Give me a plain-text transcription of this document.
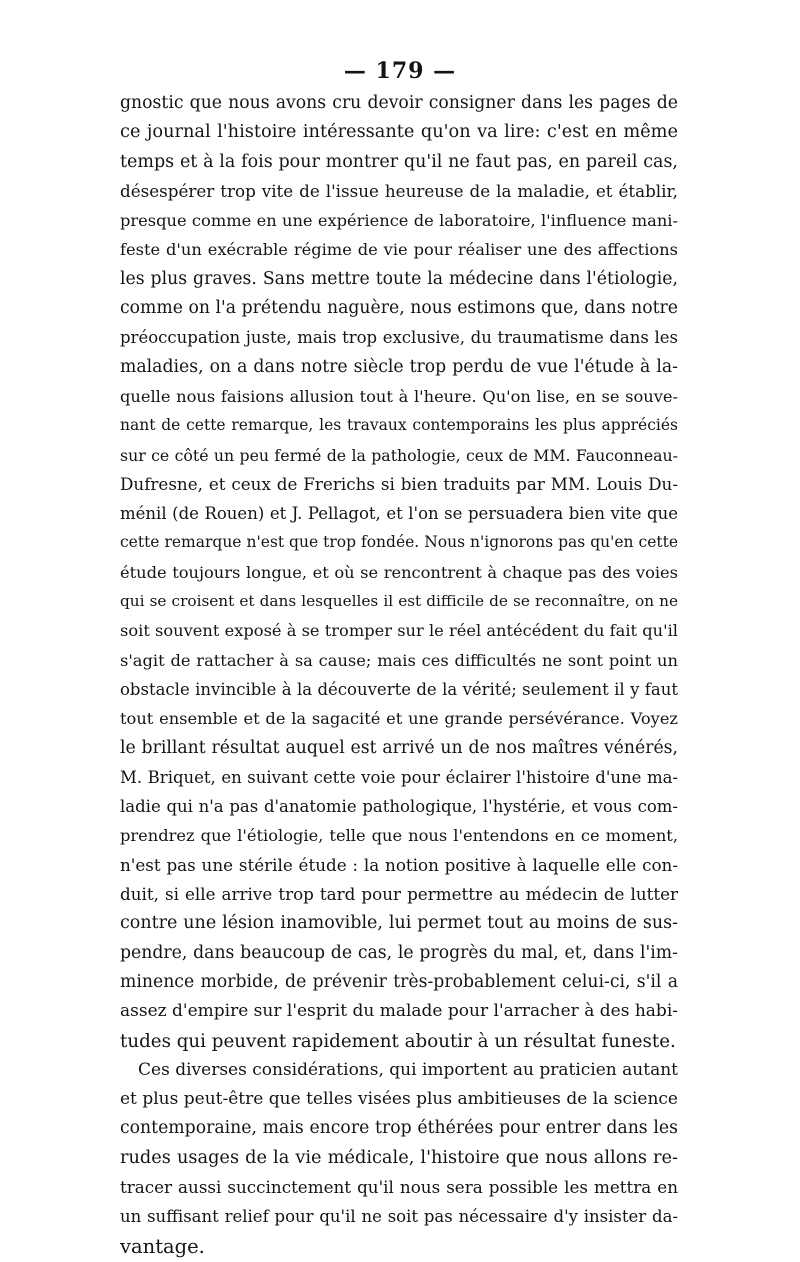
— 179 —
gnostic que nous avons cru devoir consigner dans les pages de
ce journal l'histoire intéressante qu'on va lire: c'est en même
temps et à la fois pour montrer qu'il ne faut pas, en pareil cas,
désespérer trop vite de l'issue heureuse de la maladie, et établir,
presque comme en une expérience de laboratoire, l'influence mani-
feste d'un exécrable régime de vie pour réaliser une des affections
les plus graves. Sans mettre toute la médecine dans l'étiologie,
comme on l'a prétendu naguère, nous estimons que, dans notre
préoccupation juste, mais trop exclusive, du traumatisme dans les
maladies, on a dans notre siècle trop perdu de vue l'étude à la-
quelle nous faisions allusion tout à l'heure. Qu'on lise, en se souve-
nant de cette remarque, les travaux contemporains les plus appréciés
sur ce côté un peu fermé de la pathologie, ceux de MM. Fauconneau-
Dufresne, et ceux de Frerichs si bien traduits par MM. Louis Du-
ménil (de Rouen) et J. Pellagot, et l'on se persuadera bien vite que
cette remarque n'est que trop fondée. Nous n'ignorons pas qu'en cette
étude toujours longue, et où se rencontrent à chaque pas des voies
qui se croisent et dans lesquelles il est difficile de se reconnaître, on ne
soit souvent exposé à se tromper sur le réel antécédent du fait qu'il
s'agit de rattacher à sa cause; mais ces difficultés ne sont point un
obstacle invincible à la découverte de la vérité; seulement il y faut
tout ensemble et de la sagacité et une grande persévérance. Voyez
le brillant résultat auquel est arrivé un de nos maîtres vénérés,
M. Briquet, en suivant cette voie pour éclairer l'histoire d'une ma-
ladie qui n'a pas d'anatomie pathologique, l'hystérie, et vous com-
prendrez que l'étiologie, telle que nous l'entendons en ce moment,
n'est pas une stérile étude : la notion positive à laquelle elle con-
duit, si elle arrive trop tard pour permettre au médecin de lutter
contre une lésion inamovible, lui permet tout au moins de sus-
pendre, dans beaucoup de cas, le progrès du mal, et, dans l'im-
minence morbide, de prévenir très-probablement celui-ci, s'il a
assez d'empire sur l'esprit du malade pour l'arracher à des habi-
tudes qui peuvent rapidement aboutir à un résultat funeste.
Ces diverses considérations, qui importent au praticien autant
et plus peut-être que telles visées plus ambitieuses de la science
contemporaine, mais encore trop éthérées pour entrer dans les
rudes usages de la vie médicale, l'histoire que nous allons re-
tracer aussi succinctement qu'il nous sera possible les mettra en
un suffisant relief pour qu'il ne soit pas nécessaire d'y insister da-
vantage.
